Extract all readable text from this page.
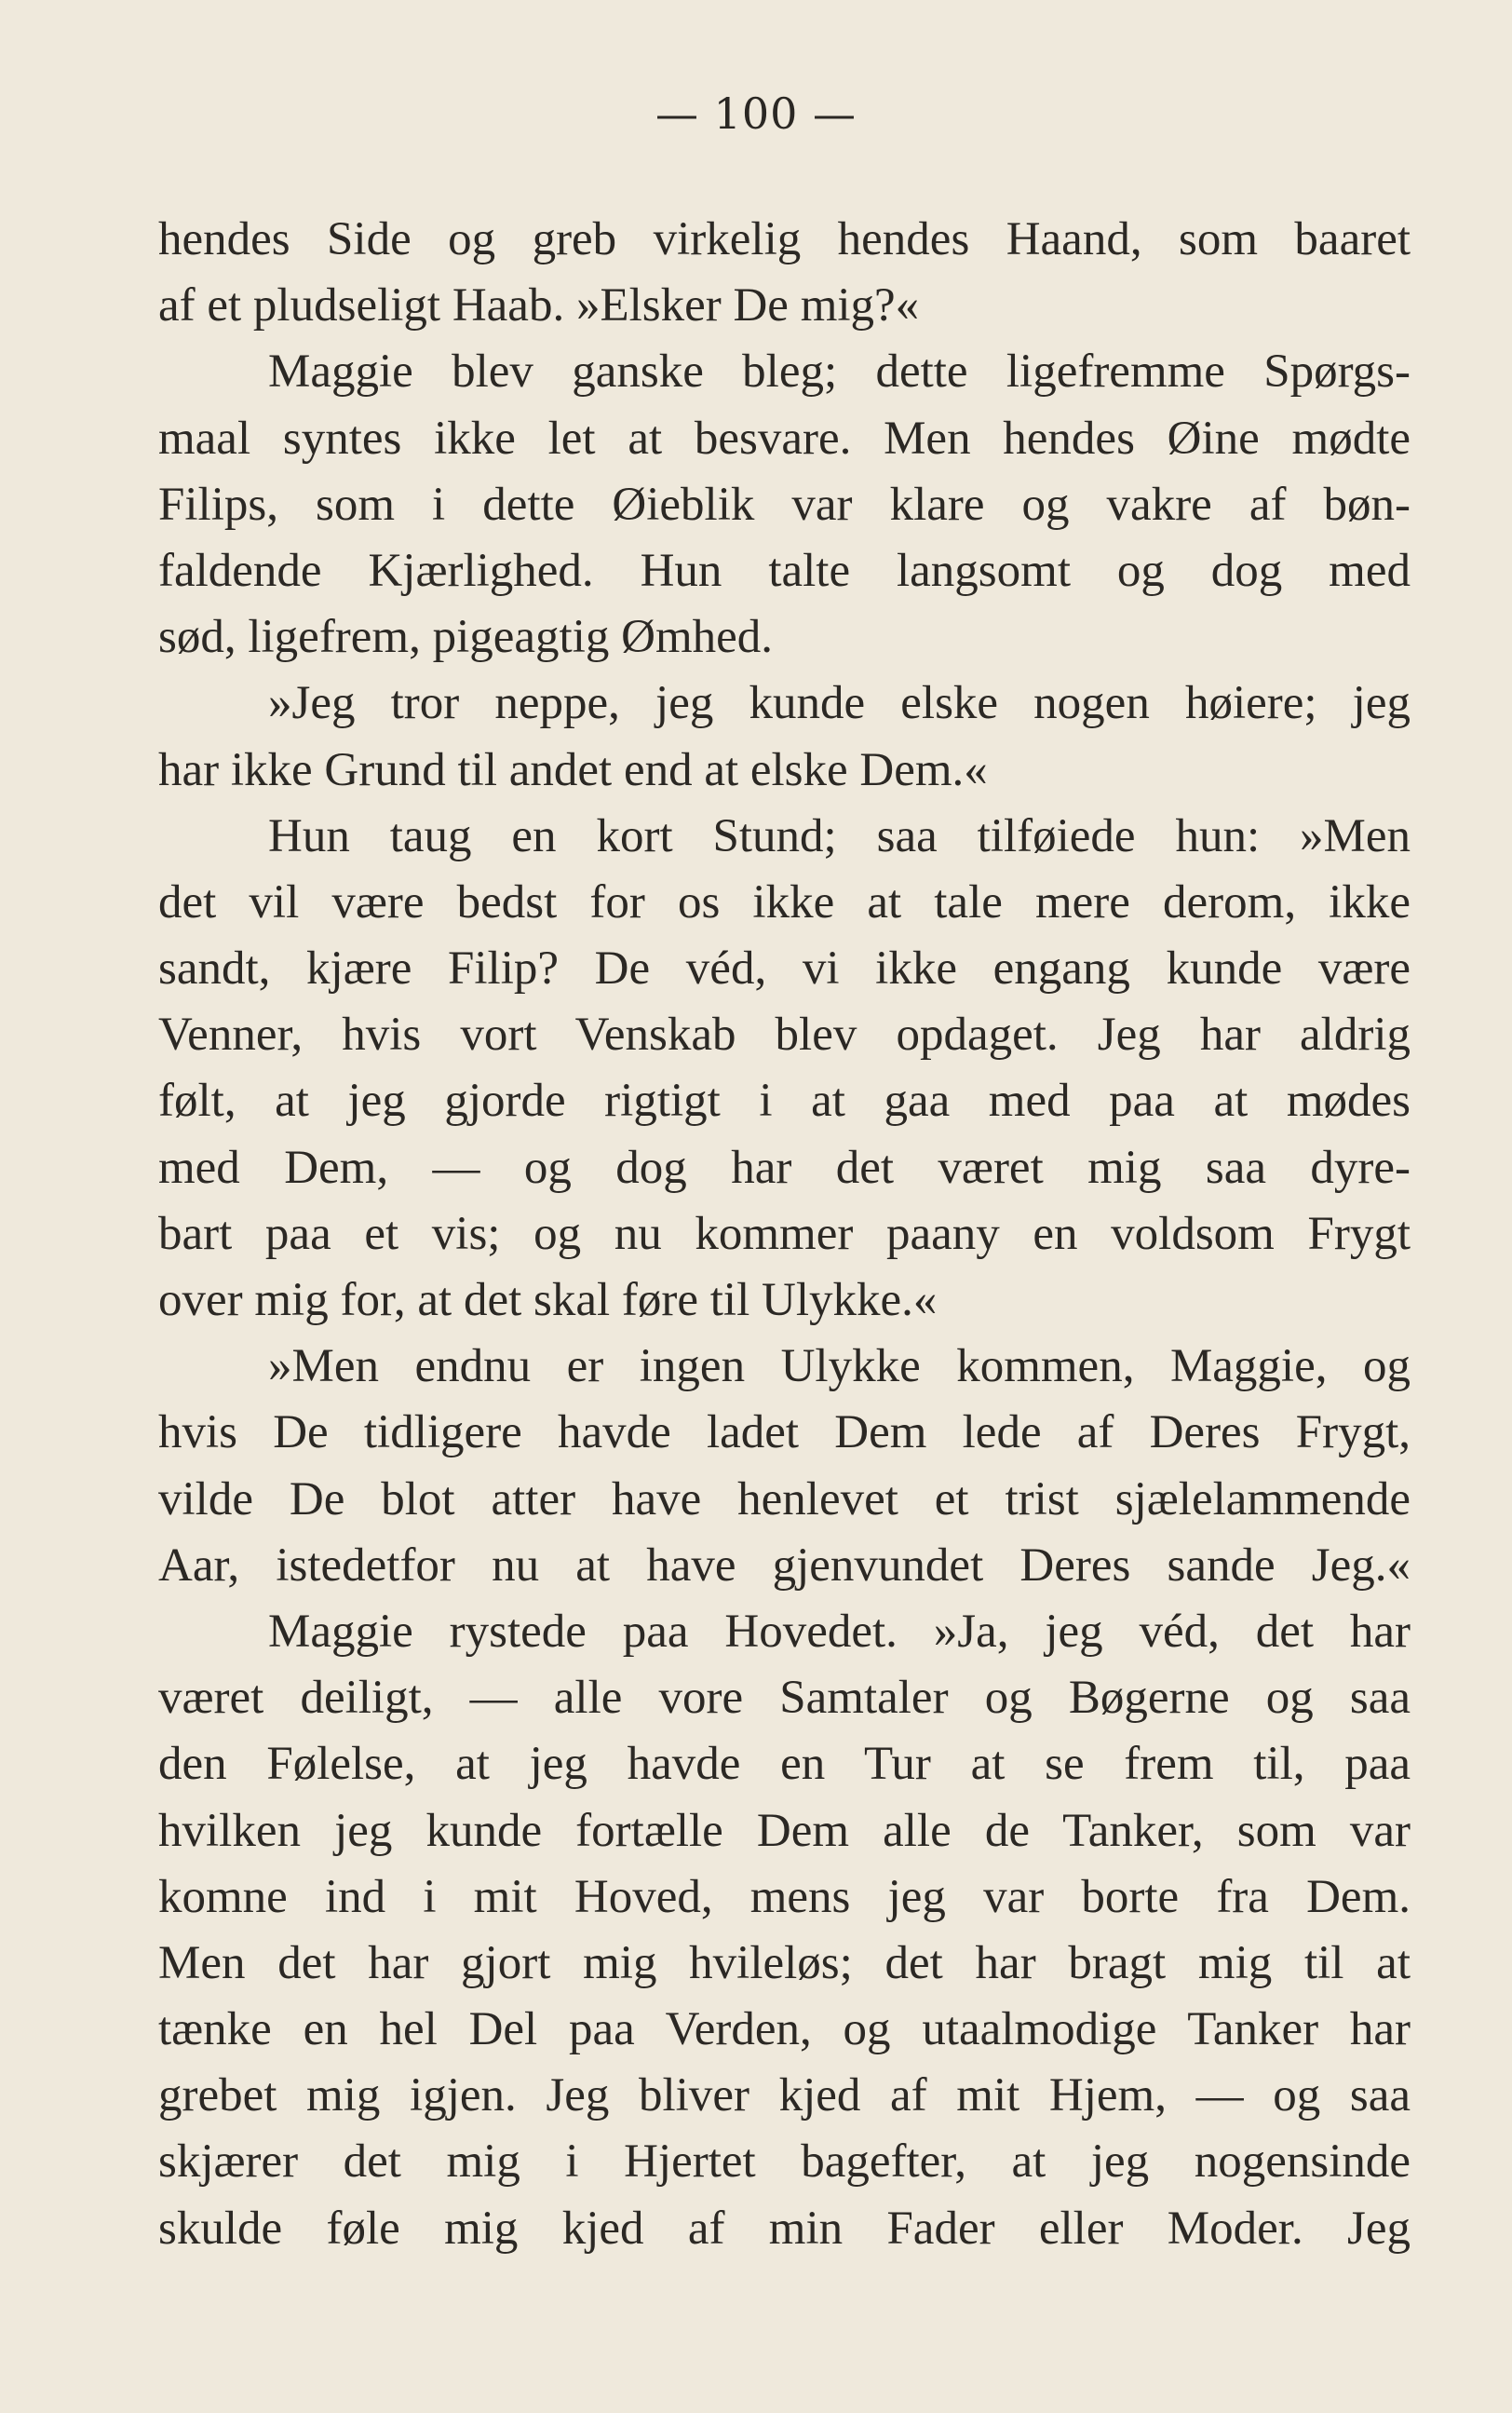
— 100 —
hendes Side og greb virkelig hendes Haand, som baaret
af et pludseligt Haab. »Elsker De mig?«
Maggie blev ganske bleg; dette ligefremme Spørgs-
maal syntes ikke let at besvare. Men hendes Øine mødte
Filips, som i dette Øieblik var klare og vakre af bøn-
faldende Kjærlighed. Hun talte langsomt og dog med
sød, ligefrem, pigeagtig Ømhed.
»Jeg tror neppe, jeg kunde elske nogen høiere; jeg
har ikke Grund til andet end at elske Dem.«
Hun taug en kort Stund; saa tilføiede hun: »Men
det vil være bedst for os ikke at tale mere derom, ikke
sandt, kjære Filip? De véd, vi ikke engang kunde være
Venner, hvis vort Venskab blev opdaget. Jeg har aldrig
følt, at jeg gjorde rigtigt i at gaa med paa at mødes
med Dem, — og dog har det været mig saa dyre-
bart paa et vis; og nu kommer paany en voldsom Frygt
over mig for, at det skal føre til Ulykke.«
»Men endnu er ingen Ulykke kommen, Maggie, og
hvis De tidligere havde ladet Dem lede af Deres Frygt,
vilde De blot atter have henlevet et trist sjælelammende
Aar, istedetfor nu at have gjenvundet Deres sande Jeg.«
Maggie rystede paa Hovedet. »Ja, jeg véd, det har
været deiligt, — alle vore Samtaler og Bøgerne og saa
den Følelse, at jeg havde en Tur at se frem til, paa
hvilken jeg kunde fortælle Dem alle de Tanker, som var
komne ind i mit Hoved, mens jeg var borte fra Dem.
Men det har gjort mig hvileløs; det har bragt mig til at
tænke en hel Del paa Verden, og utaalmodige Tanker har
grebet mig igjen. Jeg bliver kjed af mit Hjem, — og saa
skjærer det mig i Hjertet bagefter, at jeg nogensinde
skulde føle mig kjed af min Fader eller Moder. Jeg
